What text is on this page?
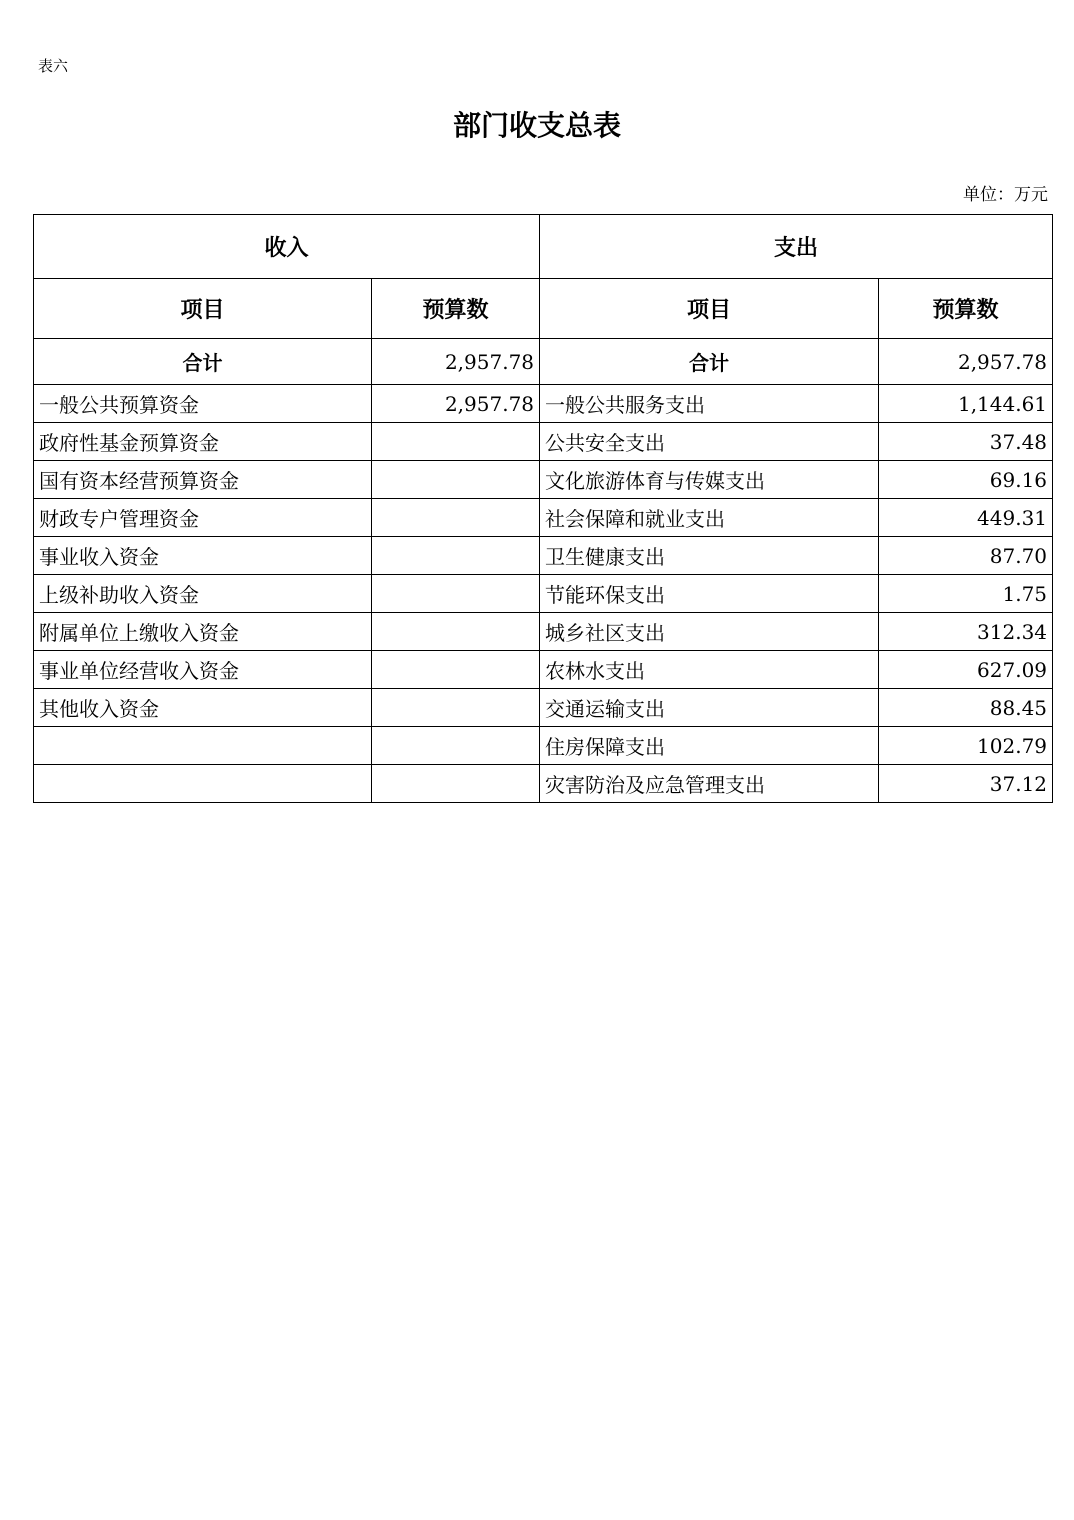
表六
部门收支总表
单位：万元
收入		支出	
项目	预算数	项目	预算数
合计	2,957.78	合计	2,957.78
一般公共预算资金	2,957.78	一般公共服务支出	1,144.61
政府性基金预算资金		公共安全支出	37.48
国有资本经营预算资金		文化旅游体育与传媒支出	69.16
财政专户管理资金		社会保障和就业支出	449.31
事业收入资金		卫生健康支出	87.70
上级补助收入资金		节能环保支出	1.75
附属单位上缴收入资金		城乡社区支出	312.34
事业单位经营收入资金		农林水支出	627.09
其他收入资金		交通运输支出	88.45
		住房保障支出	102.79
		灾害防治及应急管理支出	37.12
